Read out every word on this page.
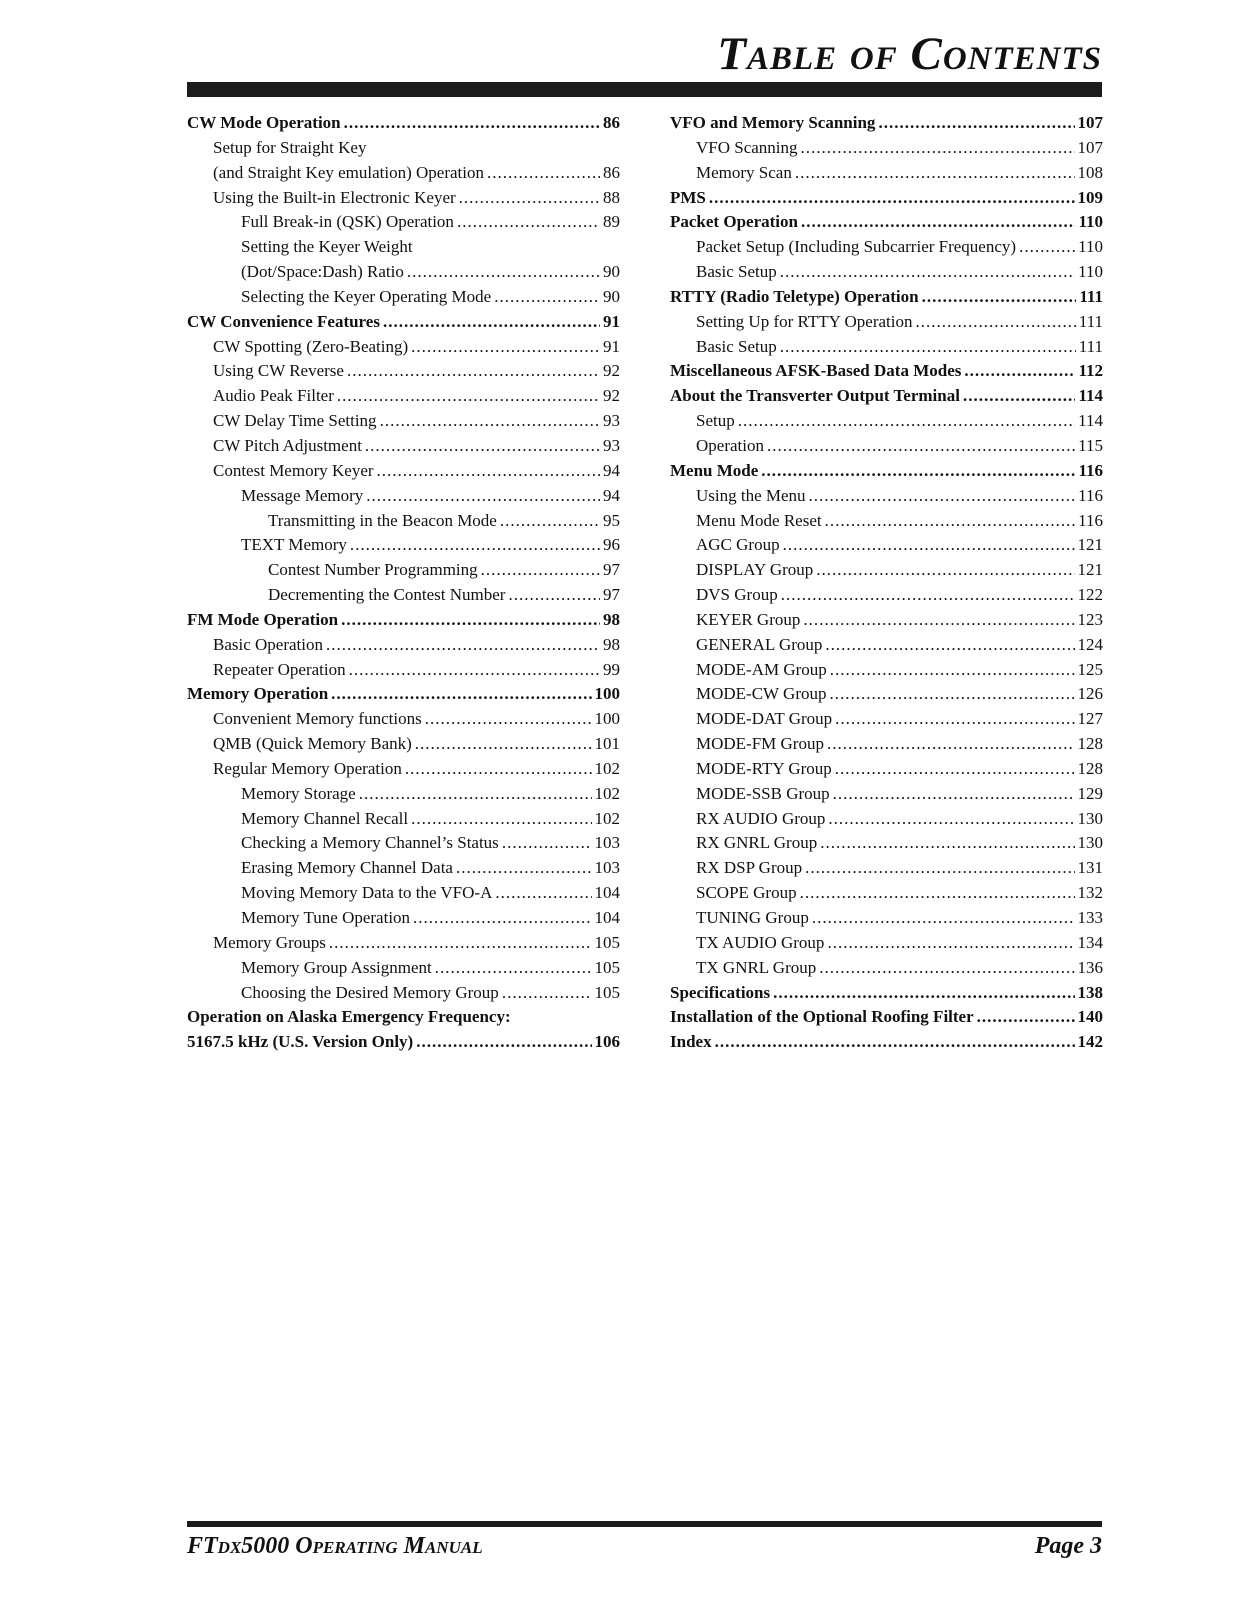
Table of Contents
CW Mode Operation .....	86
Setup for Straight Key
(and Straight Key emulation) Operation .....	86
Using the Built-in Electronic Keyer .....	88
Full Break-in (QSK) Operation .....	89
Setting the Keyer Weight
(Dot/Space:Dash) Ratio .....	90
Selecting the Keyer Operating Mode .....	90
CW Convenience Features .....	91
CW Spotting (Zero-Beating) .....	91
Using CW Reverse .....	92
Audio Peak Filter .....	92
CW Delay Time Setting .....	93
CW Pitch Adjustment .....	93
Contest Memory Keyer .....	94
Message Memory .....	94
Transmitting in the Beacon Mode .....	95
TEXT Memory .....	96
Contest Number Programming .....	97
Decrementing the Contest Number .....	97
FM Mode Operation .....	98
Basic Operation .....	98
Repeater Operation .....	99
Memory Operation .....	100
Convenient Memory functions .....	100
QMB (Quick Memory Bank) .....	101
Regular Memory Operation .....	102
Memory Storage .....	102
Memory Channel Recall .....	102
Checking a Memory Channel’s Status .....	103
Erasing Memory Channel Data .....	103
Moving Memory Data to the VFO-A .....	104
Memory Tune Operation .....	104
Memory Groups .....	105
Memory Group Assignment .....	105
Choosing the Desired Memory Group .....	105
Operation on Alaska Emergency Frequency:
5167.5 kHz (U.S. Version Only) .....	106
VFO and Memory Scanning .....	107
VFO Scanning .....	107
Memory Scan .....	108
PMS .....	109
Packet Operation .....	110
Packet Setup (Including Subcarrier Frequency) .....	110
Basic Setup .....	110
RTTY (Radio Teletype) Operation .....	111
Setting Up for RTTY Operation .....	111
Basic Setup .....	111
Miscellaneous AFSK-Based Data Modes .....	112
About the Transverter Output Terminal .....	114
Setup .....	114
Operation .....	115
Menu Mode .....	116
Using the Menu .....	116
Menu Mode Reset .....	116
AGC Group .....	121
DISPLAY Group .....	121
DVS Group .....	122
KEYER Group .....	123
GENERAL Group .....	124
MODE-AM Group .....	125
MODE-CW Group .....	126
MODE-DAT Group .....	127
MODE-FM Group .....	128
MODE-RTY Group .....	128
MODE-SSB Group .....	129
RX AUDIO Group .....	130
RX GNRL Group .....	130
RX DSP Group .....	131
SCOPE Group .....	132
TUNING Group .....	133
TX AUDIO Group .....	134
TX GNRL Group .....	136
Specifications .....	138
Installation of the Optional Roofing Filter .....	140
Index .....	142
FTdx5000 Operating Manual	Page 3
